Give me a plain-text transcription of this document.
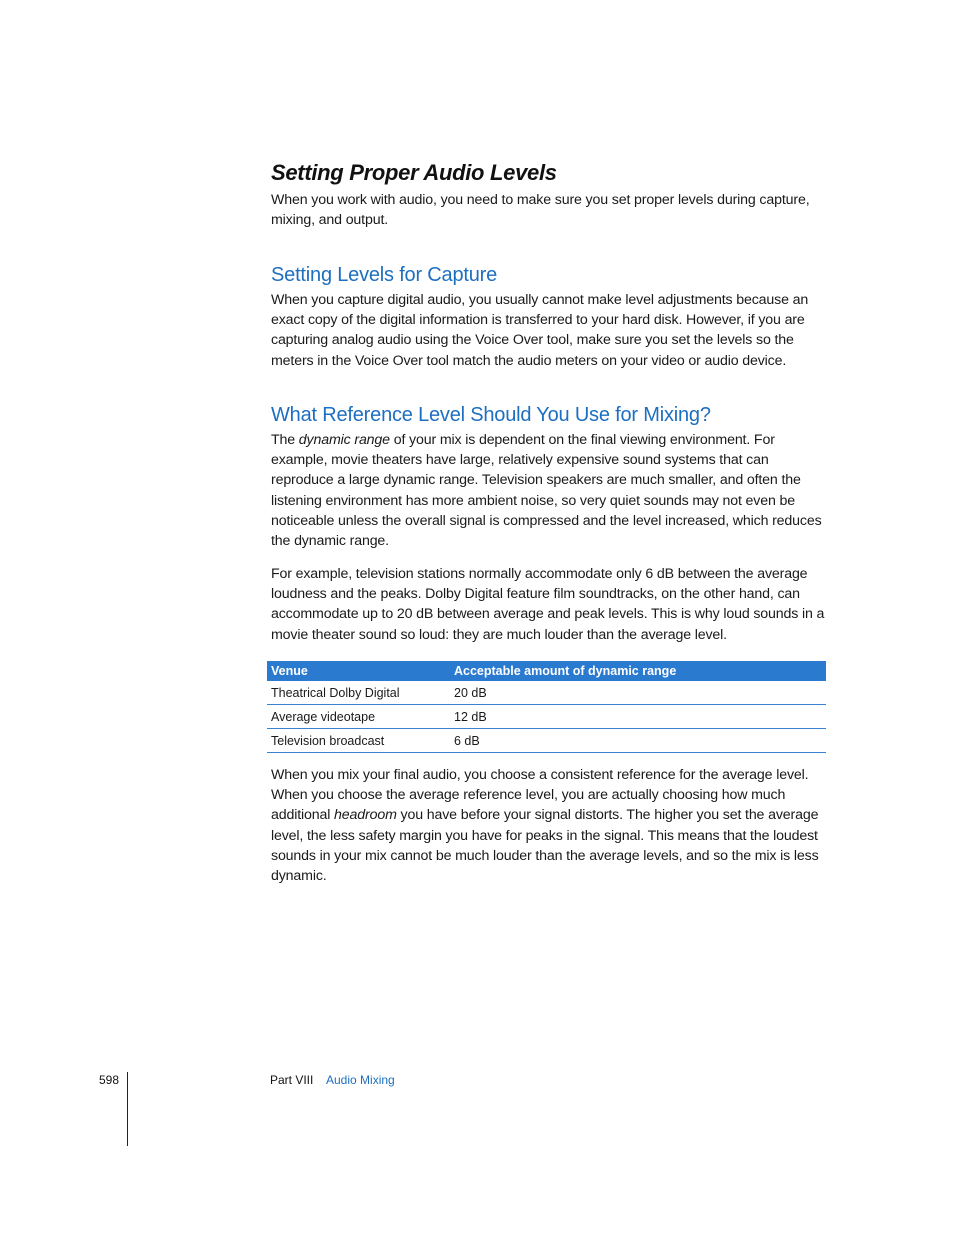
Setting Proper Audio Levels

When you work with audio, you need to make sure you set proper levels during capture, mixing, and output.

Setting Levels for Capture

When you capture digital audio, you usually cannot make level adjustments because an exact copy of the digital information is transferred to your hard disk. However, if you are capturing analog audio using the Voice Over tool, make sure you set the levels so the meters in the Voice Over tool match the audio meters on your video or audio device.

What Reference Level Should You Use for Mixing?

The dynamic range of your mix is dependent on the final viewing environment. For example, movie theaters have large, relatively expensive sound systems that can reproduce a large dynamic range. Television speakers are much smaller, and often the listening environment has more ambient noise, so very quiet sounds may not even be noticeable unless the overall signal is compressed and the level increased, which reduces the dynamic range.

For example, television stations normally accommodate only 6 dB between the average loudness and the peaks. Dolby Digital feature film soundtracks, on the other hand, can accommodate up to 20 dB between average and peak levels. This is why loud sounds in a movie theater sound so loud: they are much louder than the average level.

Venue	Acceptable amount of dynamic range
Theatrical Dolby Digital	20 dB
Average videotape	12 dB
Television broadcast	6 dB

When you mix your final audio, you choose a consistent reference for the average level. When you choose the average reference level, you are actually choosing how much additional headroom you have before your signal distorts. The higher you set the average level, the less safety margin you have for peaks in the signal. This means that the loudest sounds in your mix cannot be much louder than the average levels, and so the mix is less dynamic.

598	Part VIII Audio Mixing
